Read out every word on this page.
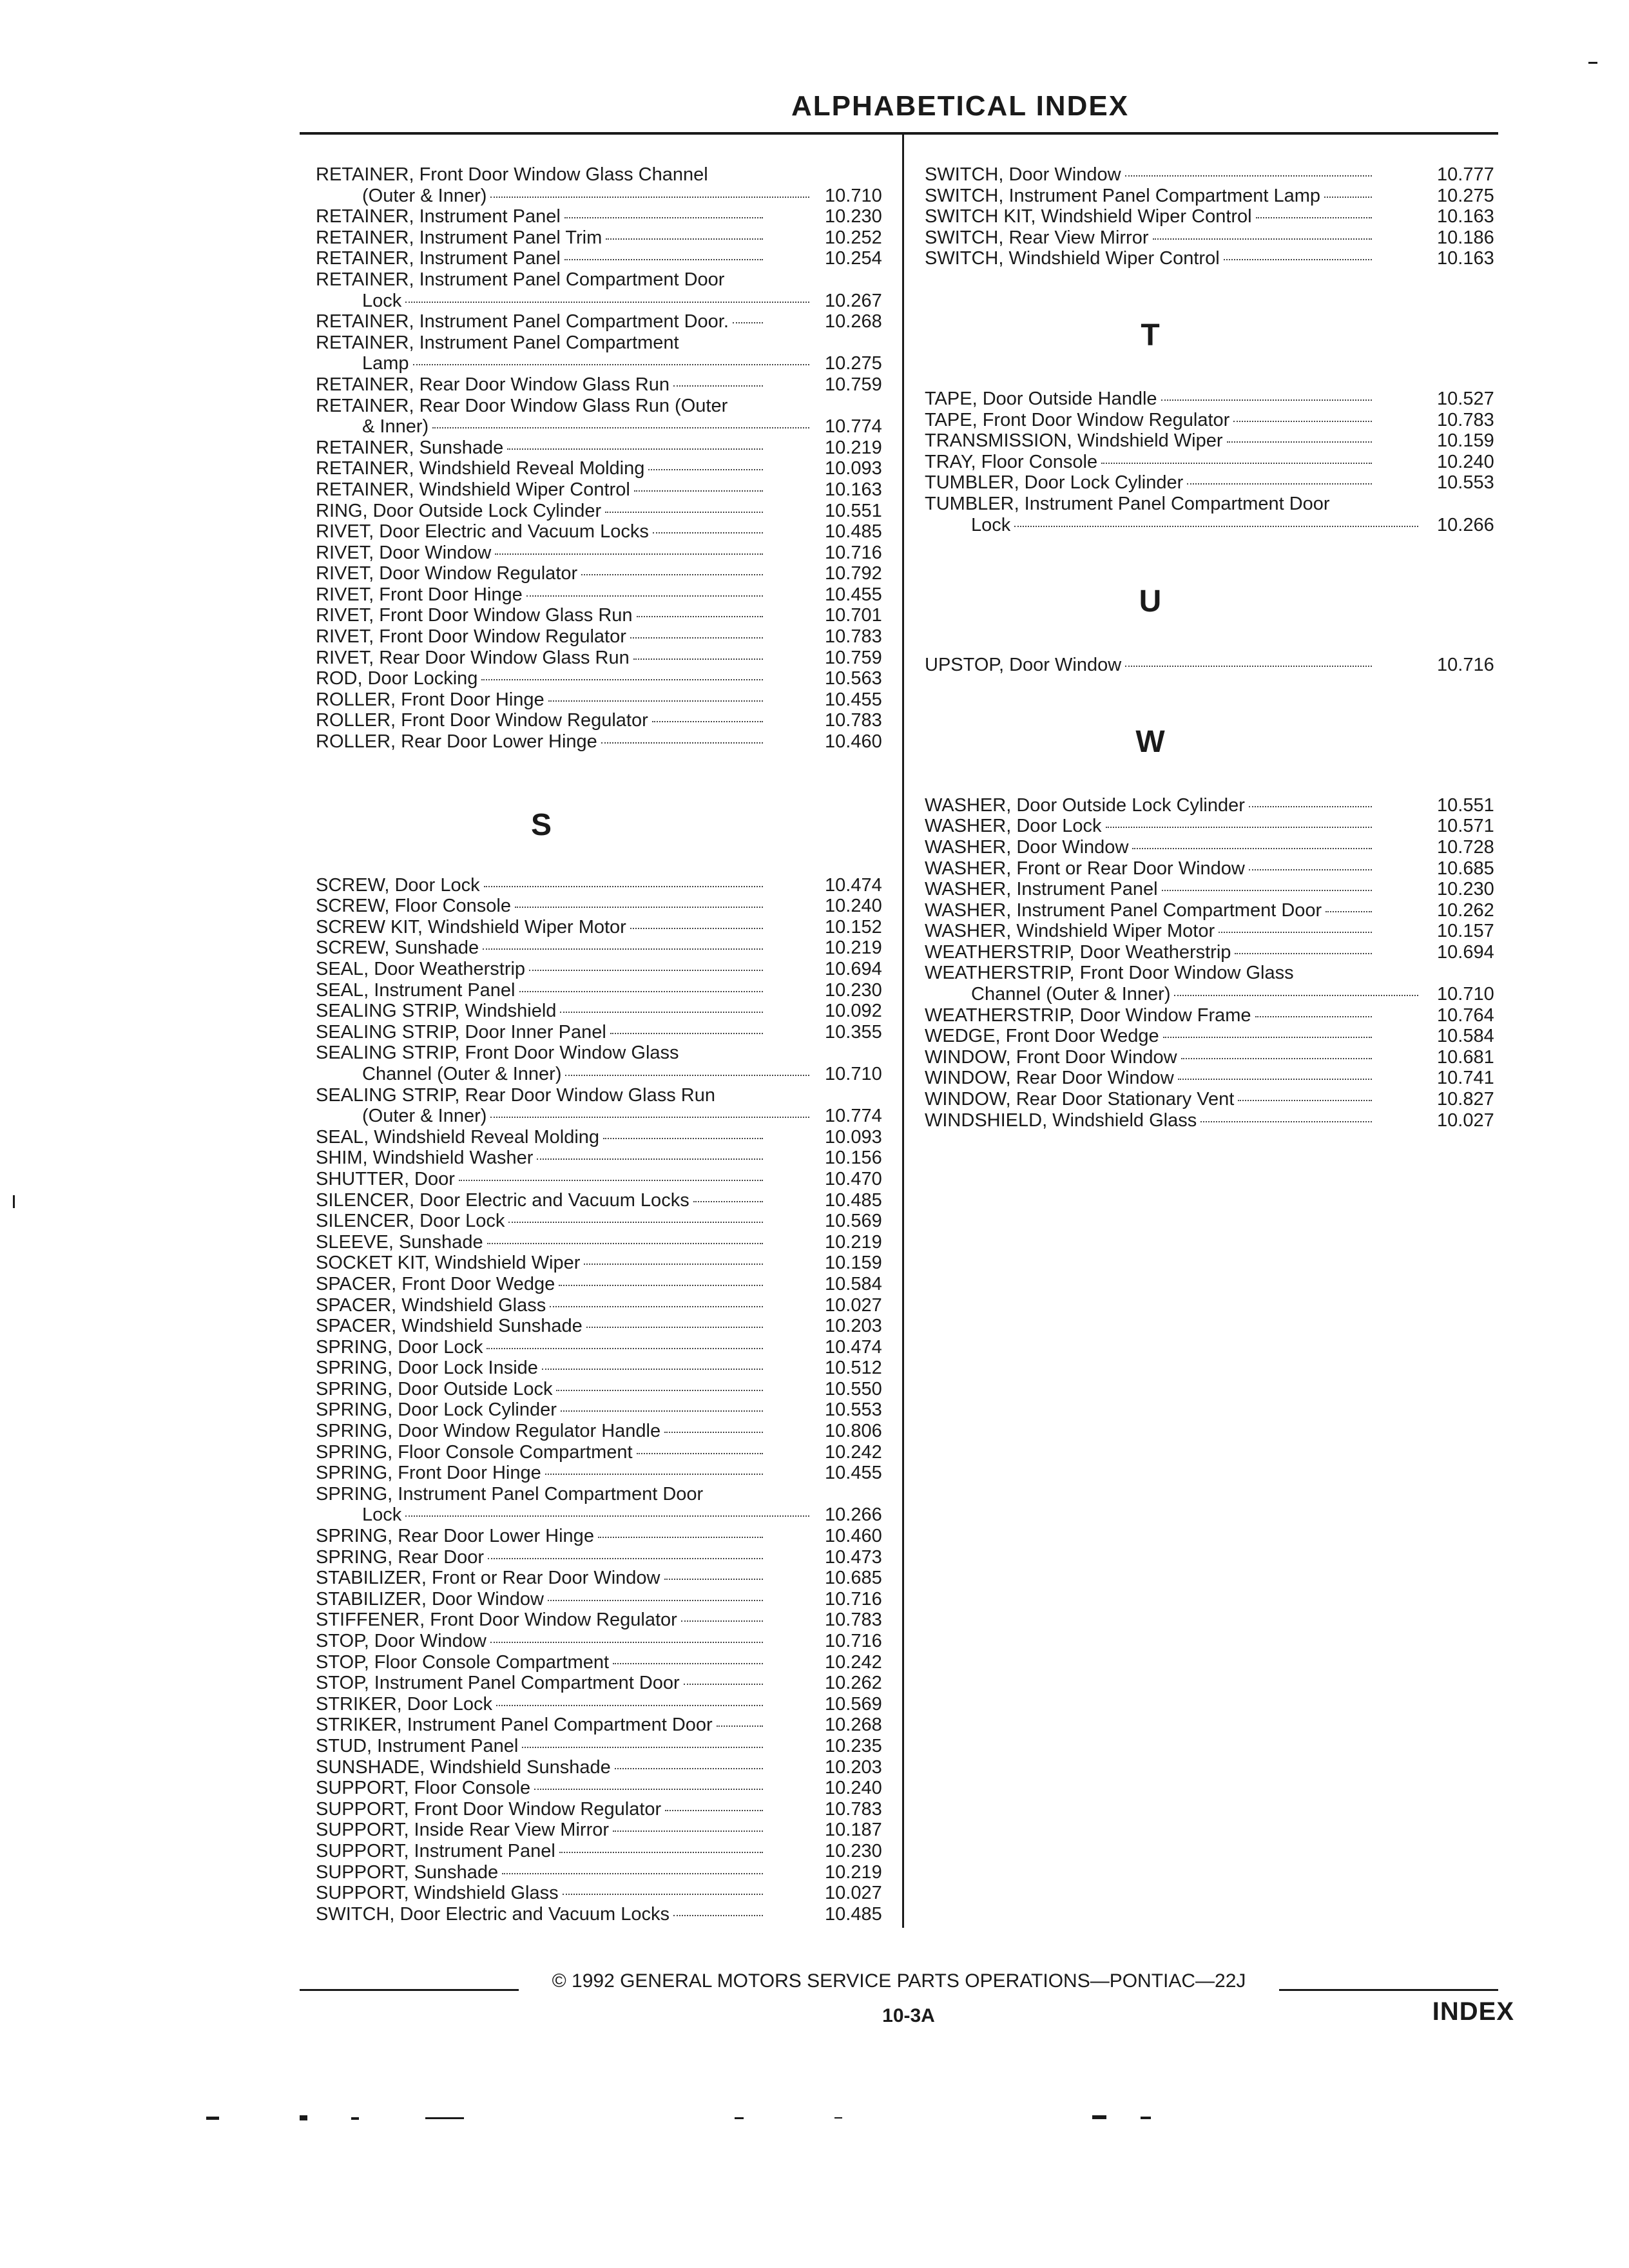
ALPHABETICAL INDEX
RETAINER, Front Door Window Glass Channel
(Outer & Inner)	10.710
RETAINER, Instrument Panel	10.230
RETAINER, Instrument Panel Trim	10.252
RETAINER, Instrument Panel	10.254
RETAINER, Instrument Panel Compartment Door
Lock	10.267
RETAINER, Instrument Panel Compartment Door.	10.268
RETAINER, Instrument Panel Compartment
Lamp	10.275
RETAINER, Rear Door Window Glass Run	10.759
RETAINER, Rear Door Window Glass Run (Outer
& Inner)	10.774
RETAINER, Sunshade	10.219
RETAINER, Windshield Reveal Molding	10.093
RETAINER, Windshield Wiper Control	10.163
RING, Door Outside Lock Cylinder	10.551
RIVET, Door Electric and Vacuum Locks	10.485
RIVET, Door Window	10.716
RIVET, Door Window Regulator	10.792
RIVET, Front Door Hinge	10.455
RIVET, Front Door Window Glass Run	10.701
RIVET, Front Door Window Regulator	10.783
RIVET, Rear Door Window Glass Run	10.759
ROD, Door Locking	10.563
ROLLER, Front Door Hinge	10.455
ROLLER, Front Door Window Regulator	10.783
ROLLER, Rear Door Lower Hinge	10.460
S
SCREW, Door Lock	10.474
SCREW, Floor Console	10.240
SCREW KIT, Windshield Wiper Motor	10.152
SCREW, Sunshade	10.219
SEAL, Door Weatherstrip	10.694
SEAL, Instrument Panel	10.230
SEALING STRIP, Windshield	10.092
SEALING STRIP, Door Inner Panel	10.355
SEALING STRIP, Front Door Window Glass
Channel (Outer & Inner)	10.710
SEALING STRIP, Rear Door Window Glass Run
(Outer & Inner)	10.774
SEAL, Windshield Reveal Molding	10.093
SHIM, Windshield Washer	10.156
SHUTTER, Door	10.470
SILENCER, Door Electric and Vacuum Locks	10.485
SILENCER, Door Lock	10.569
SLEEVE, Sunshade	10.219
SOCKET KIT, Windshield Wiper	10.159
SPACER, Front Door Wedge	10.584
SPACER, Windshield Glass	10.027
SPACER, Windshield Sunshade	10.203
SPRING, Door Lock	10.474
SPRING, Door Lock Inside	10.512
SPRING, Door Outside Lock	10.550
SPRING, Door Lock Cylinder	10.553
SPRING, Door Window Regulator Handle	10.806
SPRING, Floor Console Compartment	10.242
SPRING, Front Door Hinge	10.455
SPRING, Instrument Panel Compartment Door
Lock	10.266
SPRING, Rear Door Lower Hinge	10.460
SPRING, Rear Door	10.473
STABILIZER, Front or Rear Door Window	10.685
STABILIZER, Door Window	10.716
STIFFENER, Front Door Window Regulator	10.783
STOP, Door Window	10.716
STOP, Floor Console Compartment	10.242
STOP, Instrument Panel Compartment Door	10.262
STRIKER, Door Lock	10.569
STRIKER, Instrument Panel Compartment Door	10.268
STUD, Instrument Panel	10.235
SUNSHADE, Windshield Sunshade	10.203
SUPPORT, Floor Console	10.240
SUPPORT, Front Door Window Regulator	10.783
SUPPORT, Inside Rear View Mirror	10.187
SUPPORT, Instrument Panel	10.230
SUPPORT, Sunshade	10.219
SUPPORT, Windshield Glass	10.027
SWITCH, Door Electric and Vacuum Locks	10.485
SWITCH, Door Window	10.777
SWITCH, Instrument Panel Compartment Lamp	10.275
SWITCH KIT, Windshield Wiper Control	10.163
SWITCH, Rear View Mirror	10.186
SWITCH, Windshield Wiper Control	10.163
T
TAPE, Door Outside Handle	10.527
TAPE, Front Door Window Regulator	10.783
TRANSMISSION, Windshield Wiper	10.159
TRAY, Floor Console	10.240
TUMBLER, Door Lock Cylinder	10.553
TUMBLER, Instrument Panel Compartment Door
Lock	10.266
U
UPSTOP, Door Window	10.716
W
WASHER, Door Outside Lock Cylinder	10.551
WASHER, Door Lock	10.571
WASHER, Door Window	10.728
WASHER, Front or Rear Door Window	10.685
WASHER, Instrument Panel	10.230
WASHER, Instrument Panel Compartment Door	10.262
WASHER, Windshield Wiper Motor	10.157
WEATHERSTRIP, Door Weatherstrip	10.694
WEATHERSTRIP, Front Door Window Glass
Channel (Outer & Inner)	10.710
WEATHERSTRIP, Door Window Frame	10.764
WEDGE, Front Door Wedge	10.584
WINDOW, Front Door Window	10.681
WINDOW, Rear Door Window	10.741
WINDOW, Rear Door Stationary Vent	10.827
WINDSHIELD, Windshield Glass	10.027
© 1992 GENERAL MOTORS SERVICE PARTS OPERATIONS—PONTIAC—22J
10-3A	INDEX
